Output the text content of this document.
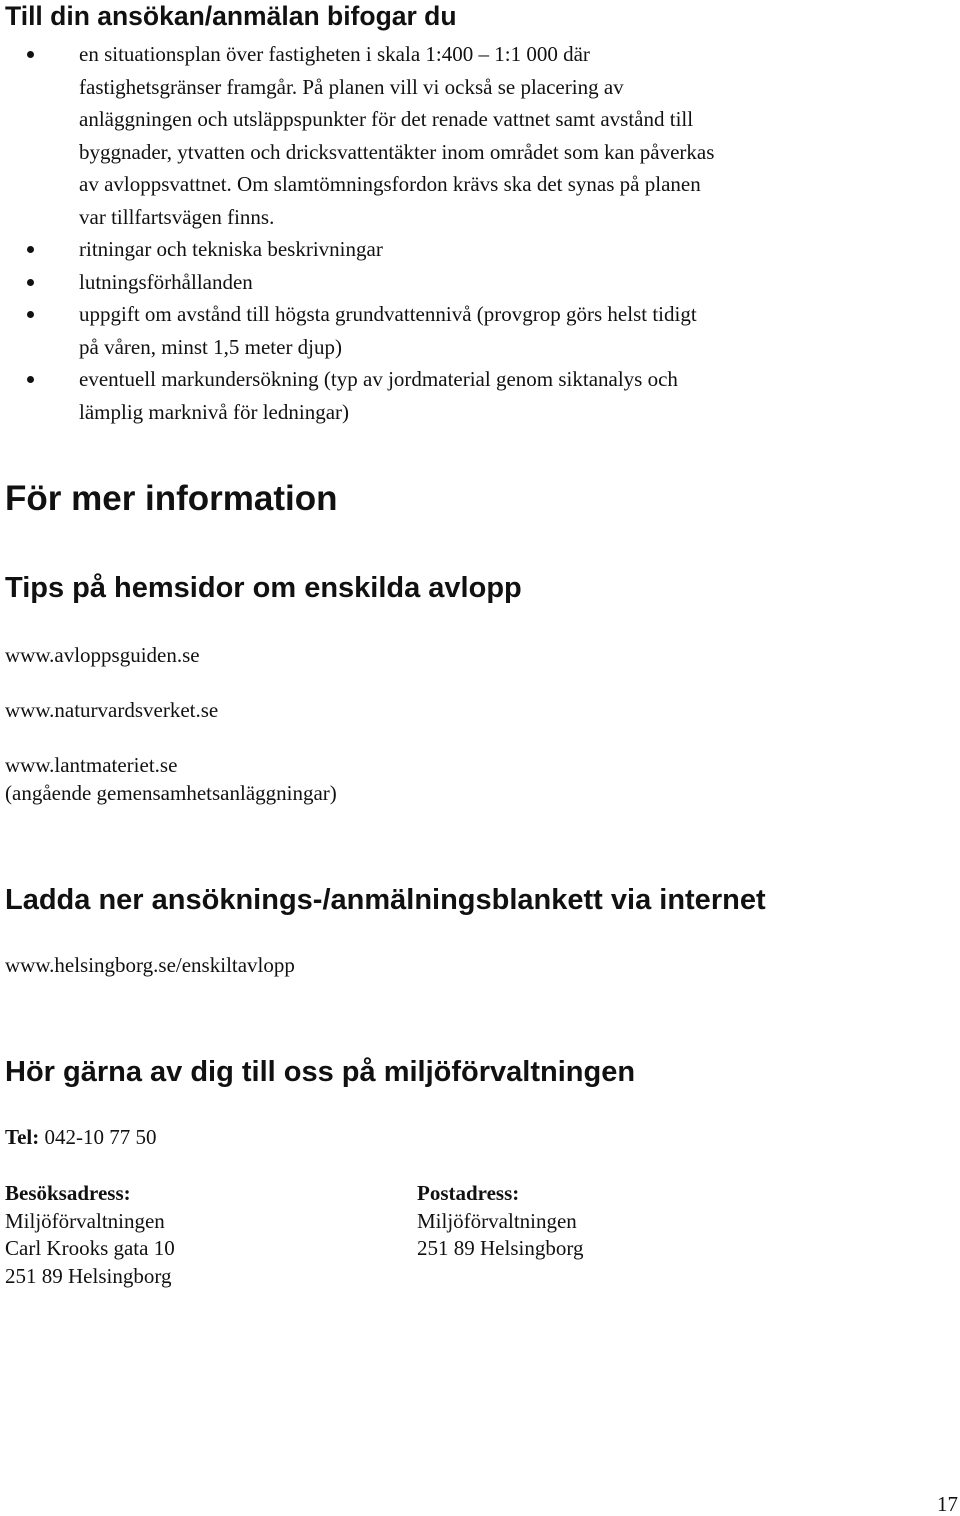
Till din ansökan/anmälan bifogar du
en situationsplan över fastigheten i skala 1:400 – 1:1 000 där
fastighetsgränser framgår. På planen vill vi också se placering av
anläggningen och utsläppspunkter för det renade vattnet samt avstånd till
byggnader, ytvatten och dricksvattentäkter inom området som kan påverkas
av avloppsvattnet. Om slamtömningsfordon krävs ska det synas på planen
var tillfartsvägen finns.
ritningar och tekniska beskrivningar
lutningsförhållanden
uppgift om avstånd till högsta grundvattennivå (provgrop görs helst tidigt
på våren, minst 1,5 meter djup)
eventuell markundersökning (typ av jordmaterial genom siktanalys och
lämplig marknivå för ledningar)
För mer information
Tips på hemsidor om enskilda avlopp
www.avloppsguiden.se
www.naturvardsverket.se
www.lantmateriet.se
(angående gemensamhetsanläggningar)
Ladda ner ansöknings-/anmälningsblankett via internet
www.helsingborg.se/enskiltavlopp
Hör gärna av dig till oss på miljöförvaltningen
Tel: 042-10 77 50
Besöksadress:
Miljöförvaltningen
Carl Krooks gata 10
251 89 Helsingborg
Postadress:
Miljöförvaltningen
251 89 Helsingborg
17
